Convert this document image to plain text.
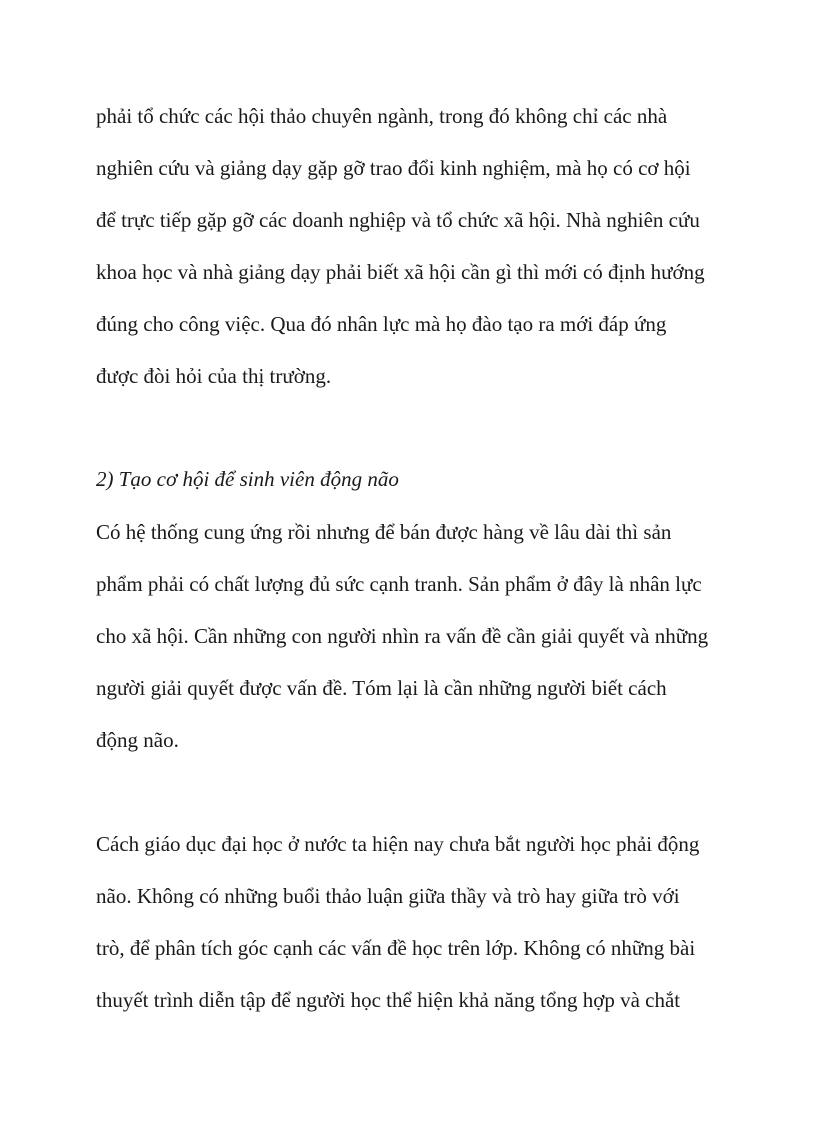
phải tổ chức các hội thảo chuyên ngành, trong đó không chỉ các nhà
nghiên cứu và giảng dạy gặp gỡ trao đổi kinh nghiệm, mà họ có cơ hội
để trực tiếp gặp gỡ các doanh nghiệp và tổ chức xã hội. Nhà nghiên cứu
khoa học và nhà giảng dạy phải biết xã hội cần gì thì mới có định hướng
đúng cho công việc. Qua đó nhân lực mà họ đào tạo ra mới đáp ứng
được đòi hỏi của thị trường.
2) Tạo cơ hội để sinh viên động não
Có hệ thống cung ứng rồi nhưng để bán được hàng về lâu dài thì sản
phẩm phải có chất lượng đủ sức cạnh tranh. Sản phẩm ở đây là nhân lực
cho xã hội. Cần những con người nhìn ra vấn đề cần giải quyết và những
người giải quyết được vấn đề. Tóm lại là cần những người biết cách
động não.
Cách giáo dục đại học ở nước ta hiện nay chưa bắt người học phải động
não. Không có những buổi thảo luận giữa thầy và trò hay giữa trò với
trò, để phân tích góc cạnh các vấn đề học trên lớp. Không có những bài
thuyết trình diễn tập để người học thể hiện khả năng tổng hợp và chắt
